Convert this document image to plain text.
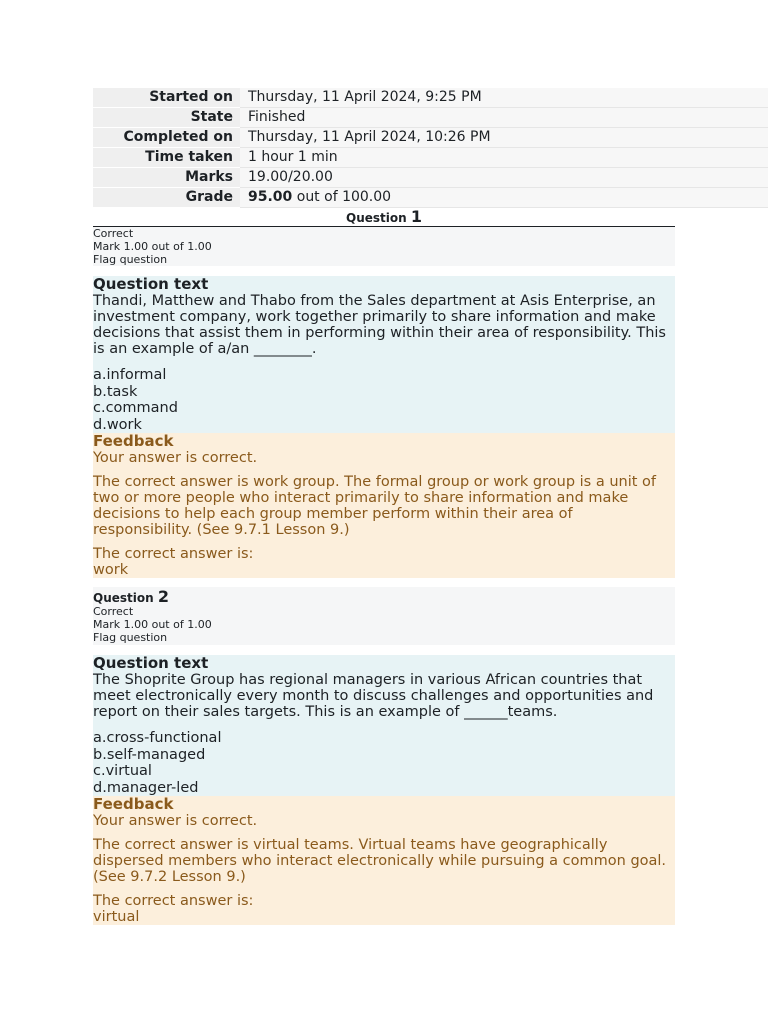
Started on	Thursday, 11 April 2024, 9:25 PM
State	Finished
Completed on	Thursday, 11 April 2024, 10:26 PM
Time taken	1 hour 1 min
Marks	19.00/20.00
Grade	95.00 out of 100.00
Question 1
Correct
Mark 1.00 out of 1.00
Flag question
Question text

Thandi, Matthew and Thabo from the Sales department at Asis Enterprise, an investment company, work together primarily to share information and make decisions that assist them in performing within their area of responsibility. This is an example of a/an ________.

a.informal
b.task
c.command
d.work
Feedback

Your answer is correct.

The correct answer is work group. The formal group or work group is a unit of two or more people who interact primarily to share information and make decisions to help each group member perform within their area of responsibility. (See 9.7.1 Lesson 9.)

The correct answer is:

work

Question 2
Correct
Mark 1.00 out of 1.00
Flag question
Question text

The Shoprite Group has regional managers in various African countries that meet electronically every month to discuss challenges and opportunities and report on their sales targets. This is an example of ______teams.

a.cross-functional
b.self-managed
c.virtual
d.manager-led
Feedback

Your answer is correct.

The correct answer is virtual teams. Virtual teams have geographically dispersed members who interact electronically while pursuing a common goal. (See 9.7.2 Lesson 9.)

The correct answer is:

virtual
